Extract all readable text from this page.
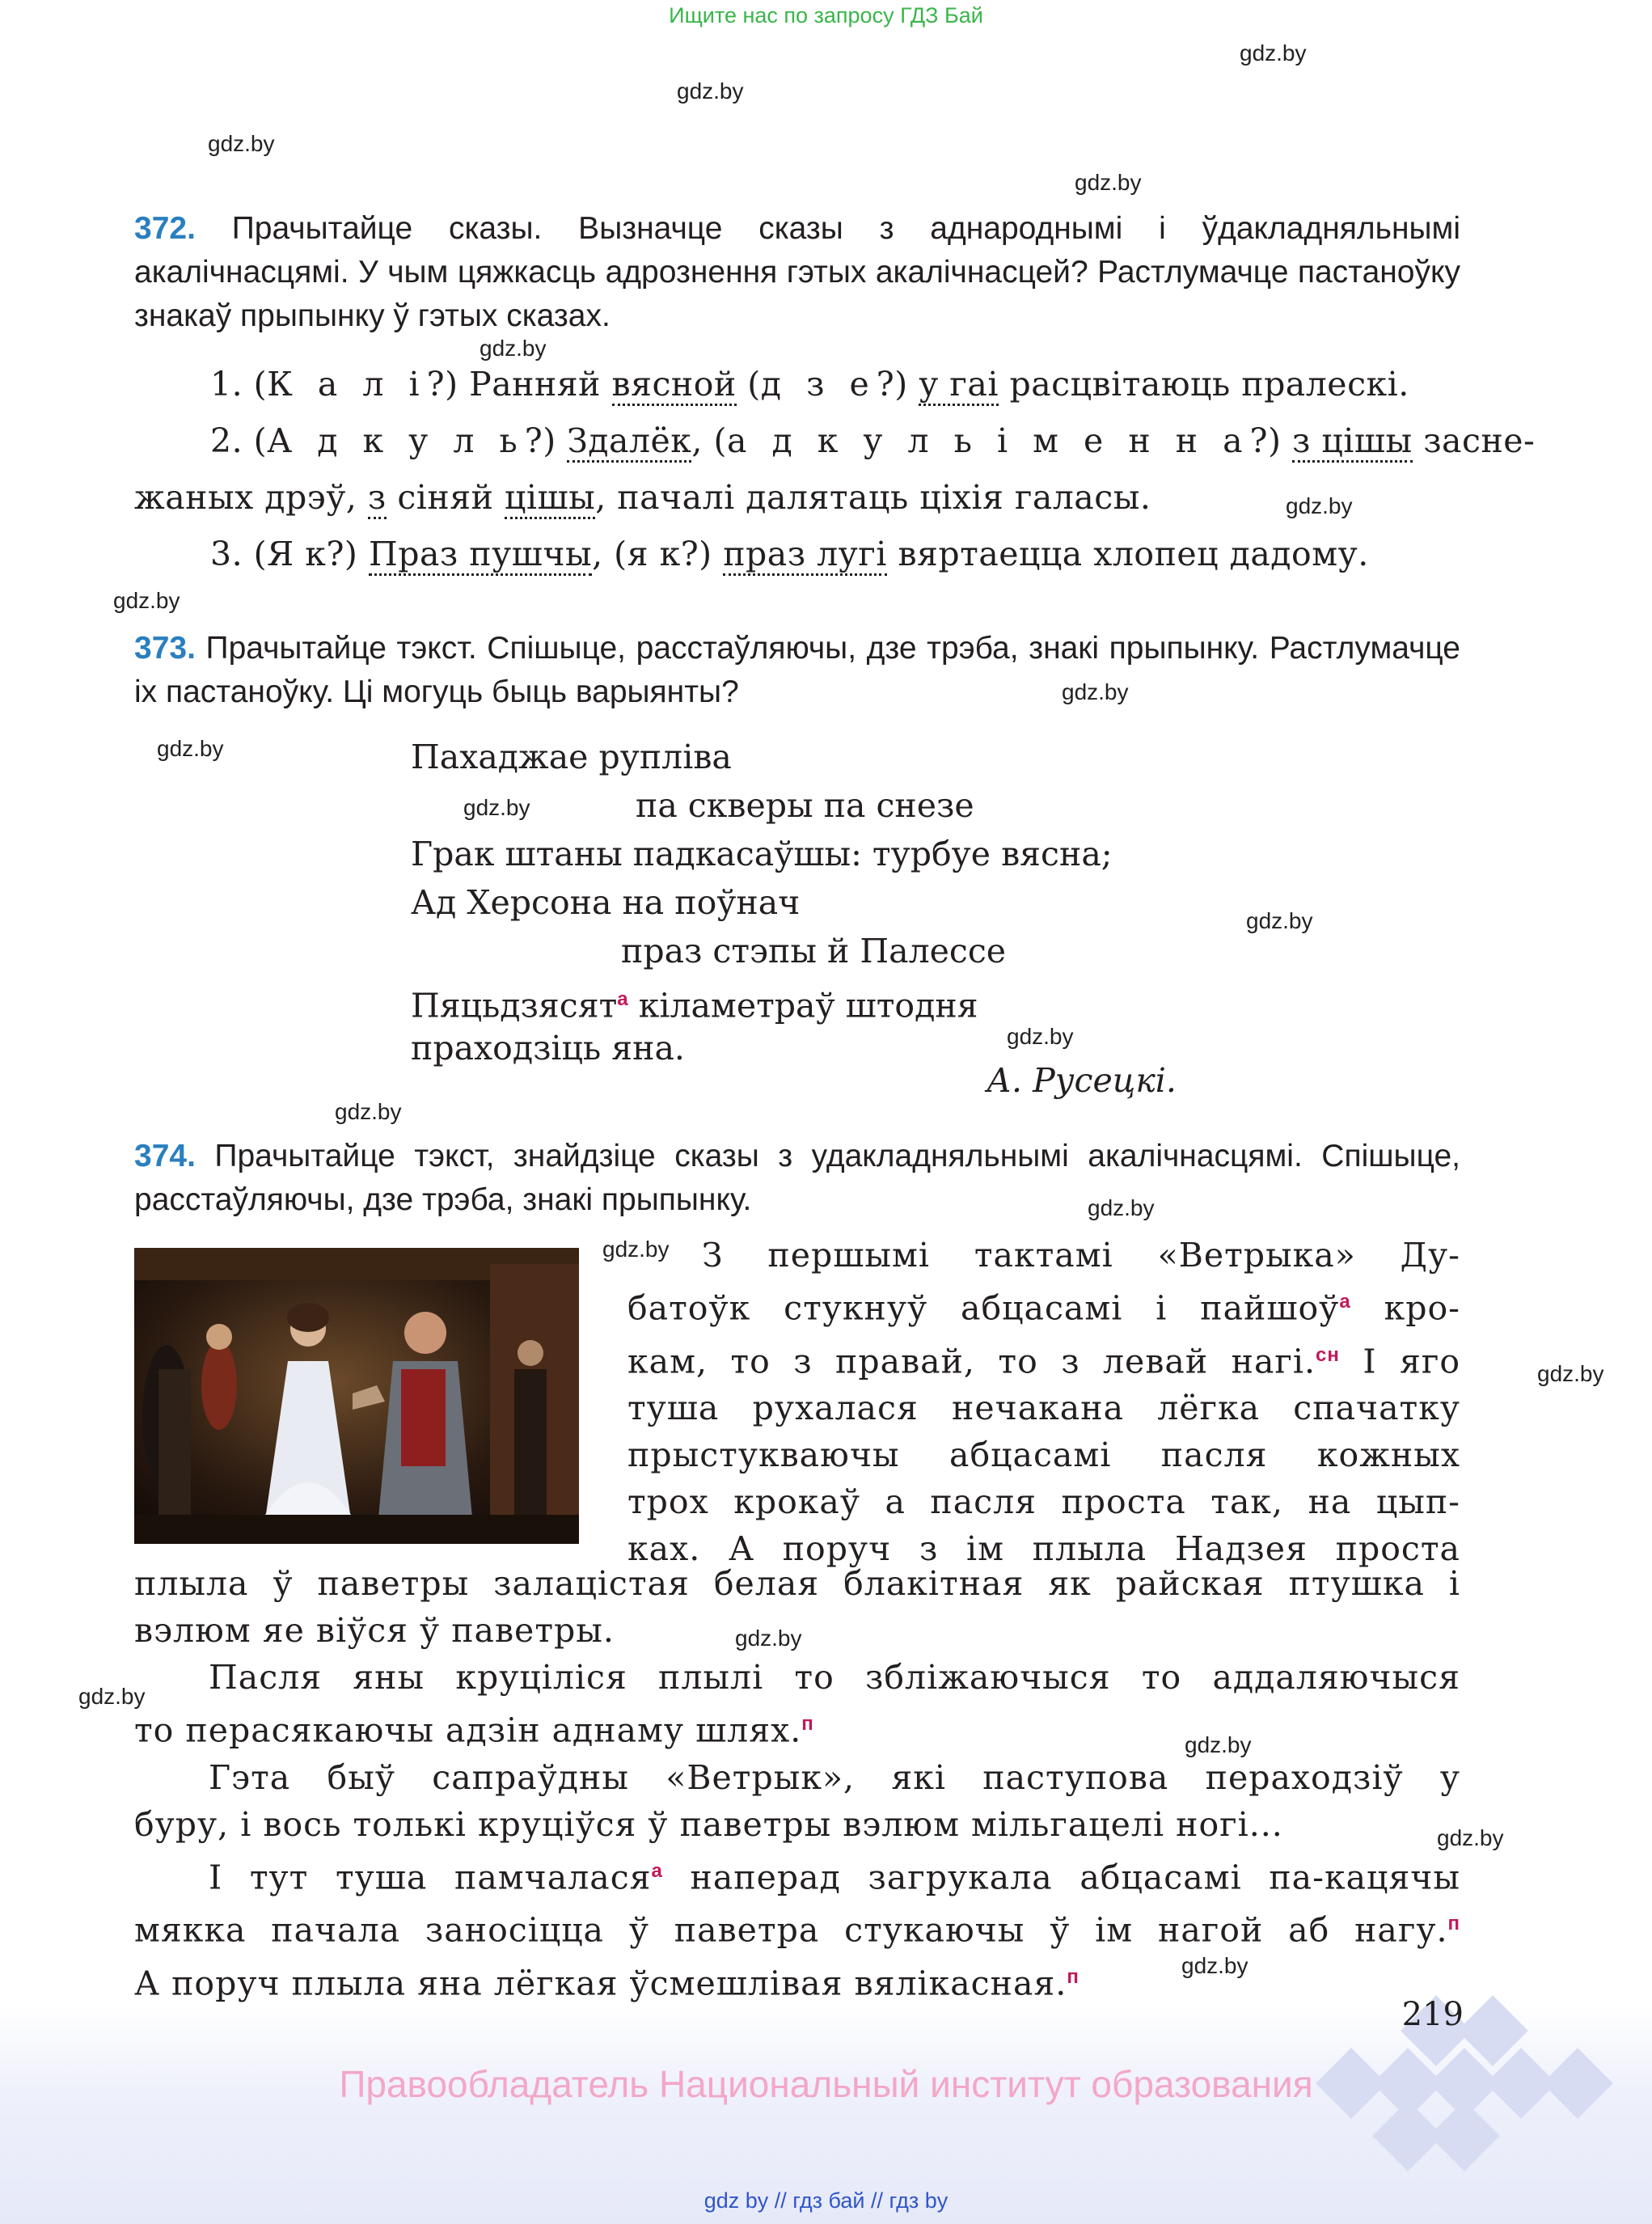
Ищите нас по запросу ГДЗ Бай
gdz.by
gdz.by
gdz.by
gdz.by
gdz.by
gdz.by
gdz.by
gdz.by
gdz.by
gdz.by
gdz.by
gdz.by
gdz.by
gdz.by
gdz.by
gdz.by
gdz.by
gdz.by
gdz.by
gdz.by
gdz.by
372. Прачытайце сказы. Вызначце сказы з аднароднымі і ўдакладняльнымі акалічнасцямі. У чым цяжкасць адрознення гэтых акалічнасцей? Растлумачце пастаноўку знакаў прыпынку ў гэтых сказах.
1. (К а л і?) Ранняй вясной (д з е?) у гаі расцвітаюць пралескі.
2. (А д к у л ь?) Здалёк, (а д к у л ь і м е н н а?) з цішы засне-
жаных дрэў, з сіняй цішы, пачалі далятаць ціхія галасы.
3. (Я к?) Праз пушчы, (я к?) праз лугі вяртаецца хлопец дадому.
373. Прачытайце тэкст. Спішыце, расстаўляючы, дзе трэба, знакі прыпынку. Растлумачце іх пастаноўку. Ці могуць быць варыянты?
Пахаджае рупліва
па скверы па снезе
Грак штаны падкасаўшы: турбуе вясна;
Ад Херсона на поўнач
праз стэпы й Палессе
Пяцьдзясят$^а$ кіламетраў штодня
праходзіць яна.
А. Русецкі.
374. Прачытайце тэкст, знайдзіце сказы з удакладняльнымі акалічнасцямі. Спішыце, расстаўляючы, дзе трэба, знакі прыпынку.

З першымі тактамі «Ветрыка» Ду-

батоўк стукнуў абцасамі і пайшоў$^а$ кро-

кам, то з правай, то з левай нагі.$^{сн}$ І яго

туша рухалася нечакана лёгка спачатку

прыстукваючы абцасамі пасля кожных

трох крокаў а пасля проста так, на цып-

ках. А поруч з ім плыла Надзея проста

плыла ў паветры залацістая белая блакітная як райская птушка і

вэлюм яе віўся ў паветры.

Пасля яны круціліся плылі то збліжаючыся то аддаляючыся

то перасякаючы адзін аднаму шлях.$^п$

Гэта быў сапраўдны «Ветрык», які паступова пераходзіў у

буру, і вось толькі круціўся ў паветры вэлюм мільгацелі ногі...

І тут туша памчалася$^а$ наперад загрукала абцасамі па-кацячы

мякка пачала заносіцца ў паветра стукаючы ў ім нагой аб нагу.$^п$

А поруч плыла яна лёгкая ўсмешлівая вялікасная.$^п$

219
Правообладатель Национальный институт образования
gdz by // гдз бай // гдз by
